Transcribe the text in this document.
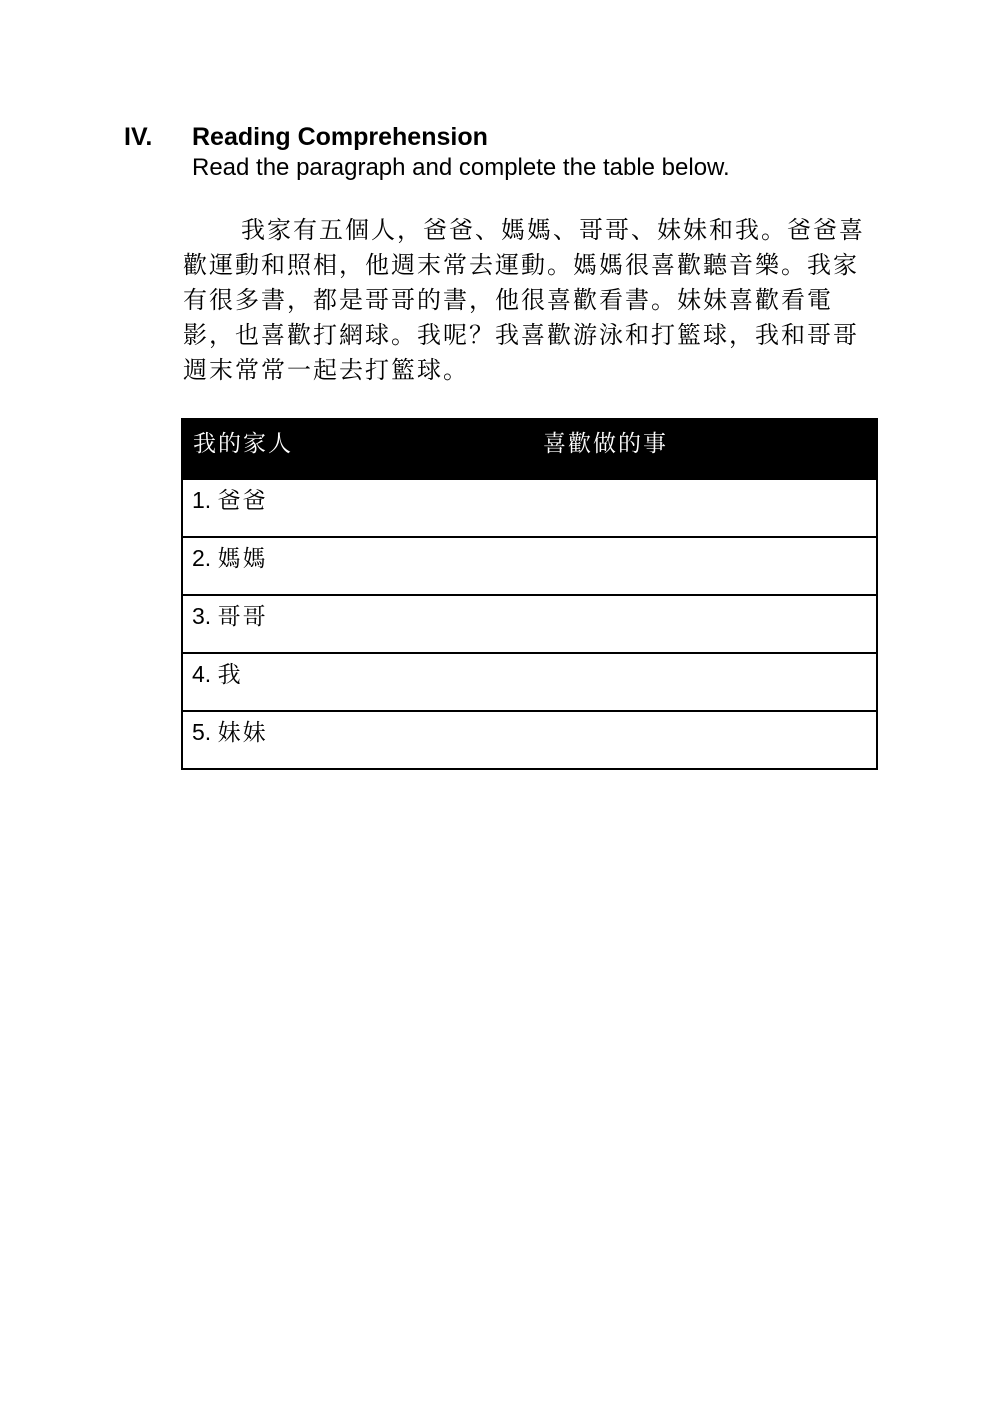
IV. Reading Comprehension
Read the paragraph and complete the table below.

我家有五個人，爸爸、媽媽、哥哥、妹妹和我。爸爸喜歡運動和照相，他週末常去運動。媽媽很喜歡聽音樂。我家有很多書，都是哥哥的書，他很喜歡看書。妹妹喜歡看電影，也喜歡打網球。我呢？我喜歡游泳和打籃球，我和哥哥週末常常一起去打籃球。

我的家人	喜歡做的事
1. 爸爸
2. 媽媽
3. 哥哥
4. 我
5. 妹妹
